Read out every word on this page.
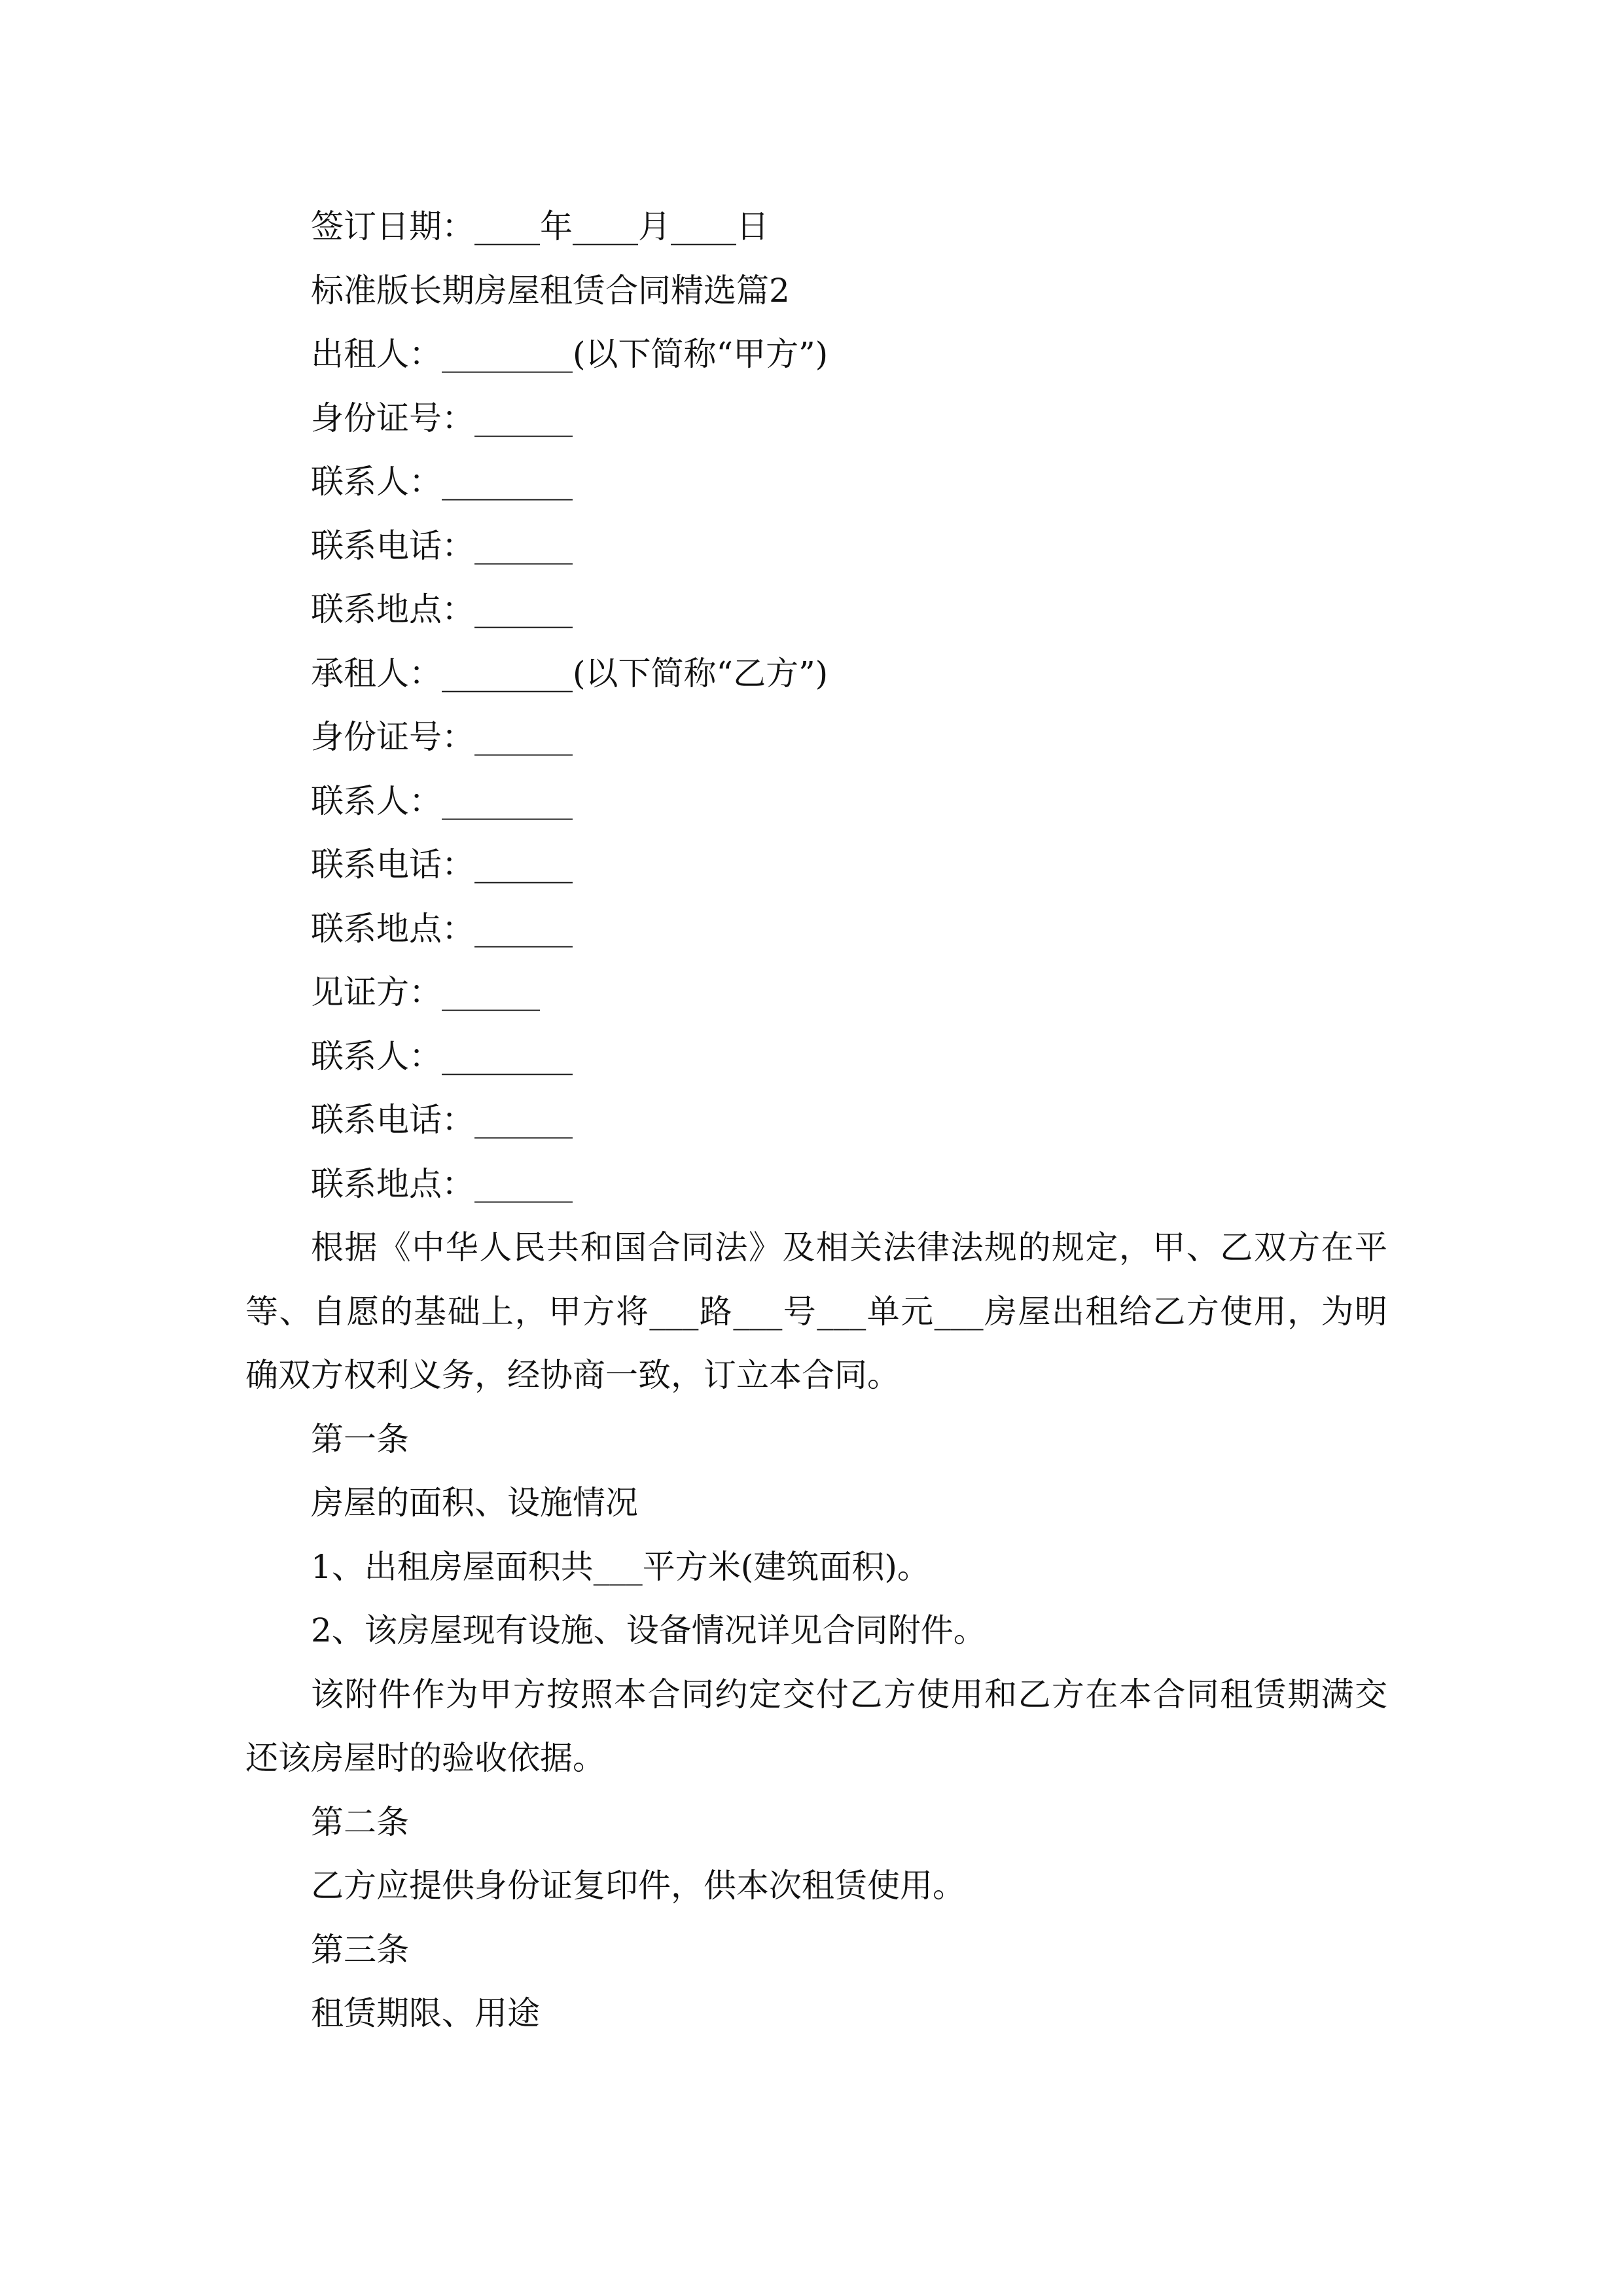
签订日期：____年____月____日
标准版长期房屋租赁合同精选篇2
出租人：________(以下简称“甲方”)
身份证号：______
联系人：________
联系电话：______
联系地点：______
承租人：________(以下简称“乙方”)
身份证号：______
联系人：________
联系电话：______
联系地点：______
见证方：______
联系人：________
联系电话：______
联系地点：______

根据《中华人民共和国合同法》及相关法律法规的规定，甲、乙双方在平等、自愿的基础上，甲方将___路___号___单元___房屋出租给乙方使用，为明确双方权利义务，经协商一致，订立本合同。

第一条
房屋的面积、设施情况
1、出租房屋面积共___平方米(建筑面积)。
2、该房屋现有设施、设备情况详见合同附件。

该附件作为甲方按照本合同约定交付乙方使用和乙方在本合同租赁期满交还该房屋时的验收依据。

第二条
乙方应提供身份证复印件，供本次租赁使用。
第三条
租赁期限、用途
